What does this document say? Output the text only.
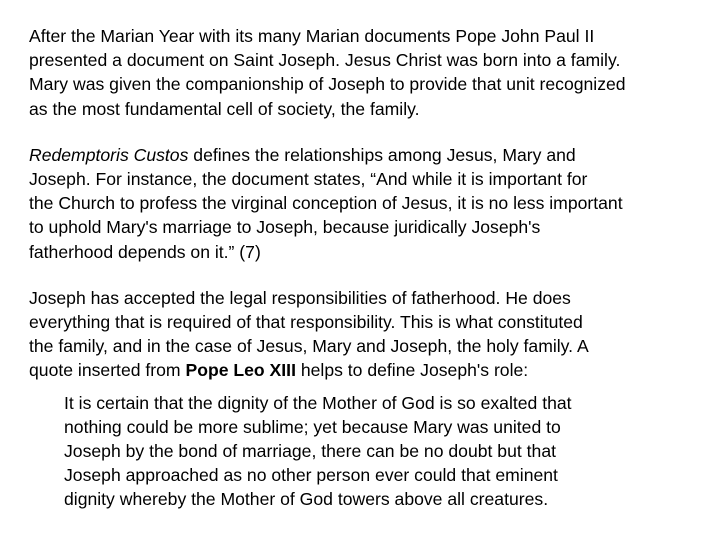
After the Marian Year with its many Marian documents Pope John Paul II
presented a document on Saint Joseph. Jesus Christ was born into a family.
Mary was given the companionship of Joseph to provide that unit recognized
as the most fundamental cell of society, the family.

Redemptoris Custos defines the relationships among Jesus, Mary and
Joseph. For instance, the document states, “And while it is important for
the Church to profess the virginal conception of Jesus, it is no less important
to uphold Mary's marriage to Joseph, because juridically Joseph's
fatherhood depends on it.” (7)

Joseph has accepted the legal responsibilities of fatherhood. He does
everything that is required of that responsibility. This is what constituted
the family, and in the case of Jesus, Mary and Joseph, the holy family. A
quote inserted from Pope Leo XIII helps to define Joseph's role:

It is certain that the dignity of the Mother of God is so exalted that
nothing could be more sublime; yet because Mary was united to
Joseph by the bond of marriage, there can be no doubt but that
Joseph approached as no other person ever could that eminent
dignity whereby the Mother of God towers above all creatures.
